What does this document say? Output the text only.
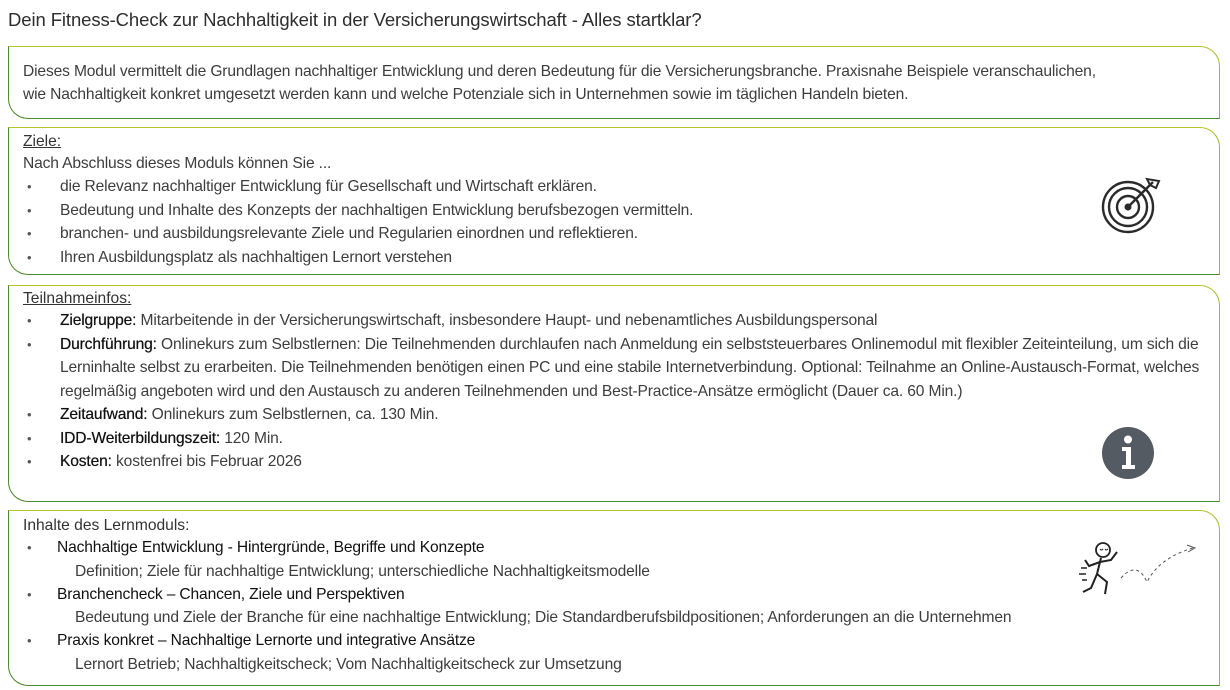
Dein Fitness-Check zur Nachhaltigkeit in der Versicherungswirtschaft - Alles startklar?
Dieses Modul vermittelt die Grundlagen nachhaltiger Entwicklung und deren Bedeutung für die Versicherungsbranche. Praxisnahe Beispiele veranschaulichen,
wie Nachhaltigkeit konkret umgesetzt werden kann und welche Potenziale sich in Unternehmen sowie im täglichen Handeln bieten.
Ziele:
Nach Abschluss dieses Moduls können Sie ...
• die Relevanz nachhaltiger Entwicklung für Gesellschaft und Wirtschaft erklären.
• Bedeutung und Inhalte des Konzepts der nachhaltigen Entwicklung berufsbezogen vermitteln.
• branchen- und ausbildungsrelevante Ziele und Regularien einordnen und reflektieren.
• Ihren Ausbildungsplatz als nachhaltigen Lernort verstehen
Teilnahmeinfos:
• Zielgruppe: Mitarbeitende in der Versicherungswirtschaft, insbesondere Haupt- und nebenamtliches Ausbildungspersonal
• Durchführung: Onlinekurs zum Selbstlernen: Die Teilnehmenden durchlaufen nach Anmeldung ein selbststeuerbares Onlinemodul mit flexibler Zeiteinteilung, um sich die Lerninhalte selbst zu erarbeiten. Die Teilnehmenden benötigen einen PC und eine stabile Internetverbindung. Optional: Teilnahme an Online-Austausch-Format, welches regelmäßig angeboten wird und den Austausch zu anderen Teilnehmenden und Best-Practice-Ansätze ermöglicht (Dauer ca. 60 Min.)
• Zeitaufwand: Onlinekurs zum Selbstlernen, ca. 130 Min.
• IDD-Weiterbildungszeit: 120 Min.
• Kosten: kostenfrei bis Februar 2026
Inhalte des Lernmoduls:
• Nachhaltige Entwicklung - Hintergründe, Begriffe und Konzepte
Definition; Ziele für nachhaltige Entwicklung; unterschiedliche Nachhaltigkeitsmodelle
• Branchencheck – Chancen, Ziele und Perspektiven
Bedeutung und Ziele der Branche für eine nachhaltige Entwicklung; Die Standardberufsbildpositionen; Anforderungen an die Unternehmen
• Praxis konkret – Nachhaltige Lernorte und integrative Ansätze
Lernort Betrieb; Nachhaltigkeitscheck; Vom Nachhaltigkeitscheck zur Umsetzung
